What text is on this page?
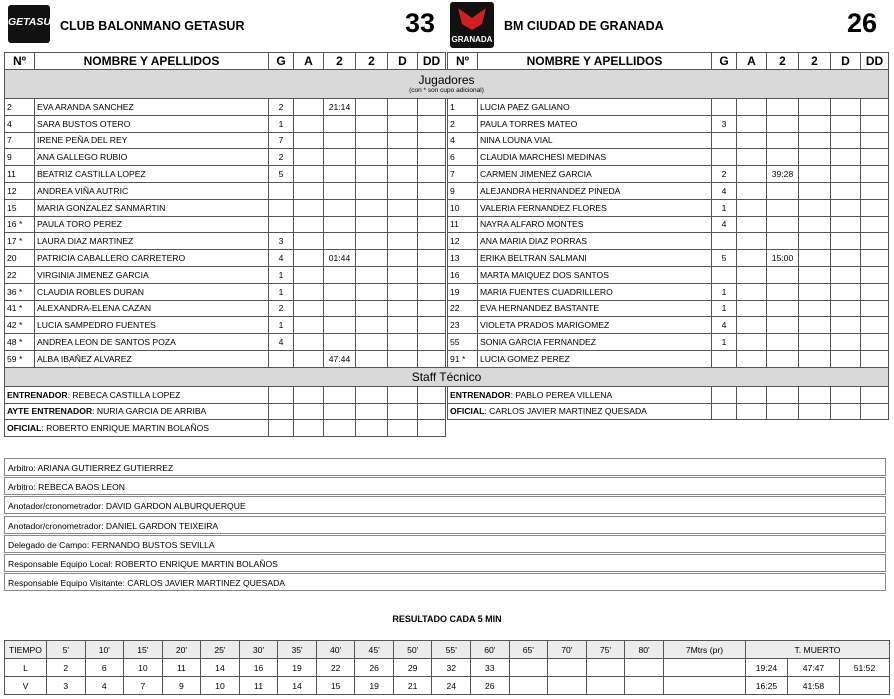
GETASUR CLUB BALONMANO GETASUR	33
GRANADA
BM CIUDAD DE GRANADA	26
Nº	NOMBRE Y APELLIDOS	G	A	2	2	D	DD		Nº	NOMBRE Y APELLIDOS	G	A	2	2	D	DD
Jugadores
(con * son cupo adicional)																

2	EVA ARANDA SANCHEZ	2		21:14					1	LUCIA PAEZ GALIANO						
4	SARA BUSTOS OTERO	1							2	PAULA TORRES MATEO	3					
7	IRENE PEÑA DEL REY	7							4	NINA LOUNA VIAL						
9	ANA GALLEGO RUBIO	2							6	CLAUDIA MARCHESI MEDINAS						
11	BEATRIZ CASTILLA LOPEZ	5							7	CARMEN JIMENEZ GARCIA	2		39:28			
12	ANDREA VIÑA AUTRIC								9	ALEJANDRA HERNANDEZ PINEDA	4					
15	MARIA GONZALEZ SANMARTIN								10	VALERIA FERNANDEZ FLORES	1					
16 *	PAULA TORO PEREZ								11	NAYRA ALFARO MONTES	4					
17 *	LAURA DIAZ MARTINEZ	3							12	ANA MARIA DIAZ PORRAS						
20	PATRICIA CABALLERO CARRETERO	4		01:44					13	ERIKA BELTRAN SALMANI	5		15:00			
22	VIRGINIA JIMENEZ GARCIA	1							16	MARTA MAIQUEZ DOS SANTOS						
36 *	CLAUDIA ROBLES DURAN	1							19	MARIA FUENTES CUADRILLERO	1					
41 *	ALEXANDRA-ELENA CAZAN	2							22	EVA HERNANDEZ BASTANTE	1					
42 *	LUCIA SAMPEDRO FUENTES	1							23	VIOLETA PRADOS MARIGOMEZ	4					
48 *	ANDREA LEON DE SANTOS POZA	4							55	SONIA GARCIA FERNANDEZ	1					
59 *	ALBA IBAÑEZ ALVAREZ			47:44					91 *	LUCIA GOMEZ PEREZ						
Staff Técnico																
ENTRENADOR: REBECA CASTILLA LOPEZ									ENTRENADOR: PABLO PEREA VILLENA							
AYTE ENTRENADOR: NURIA GARCIA DE ARRIBA									OFICIAL: CARLOS JAVIER MARTINEZ QUESADA							
OFICIAL: ROBERTO ENRIQUE MARTIN BOLAÑOS																
Arbitro: ARIANA GUTIERREZ GUTIERREZ
Arbitro: REBECA BAOS LEON
Anotador/cronometrador: DAVID GARDON ALBURQUERQUE
Anotador/cronometrador: DANIEL GARDON TEIXEIRA
Delegado de Campo: FERNANDO BUSTOS SEVILLA
Responsable Equipo Local: ROBERTO ENRIQUE MARTIN BOLAÑOS
Responsable Equipo Visitante: CARLOS JAVIER MARTINEZ QUESADA
RESULTADO CADA 5 MIN
TIEMPO	5'	10'	15'	20'	25'	30'	35'	40'	45'	50'	55'	60'	65'	70'	75'	80'	7Mtrs (pr)	T. MUERTO		
L	2	6	10	11	14	16	19	22	26	29	32	33						19:24	47:47	51:52
V	3	4	7	9	10	11	14	15	19	21	24	26						16:25	41:58	
